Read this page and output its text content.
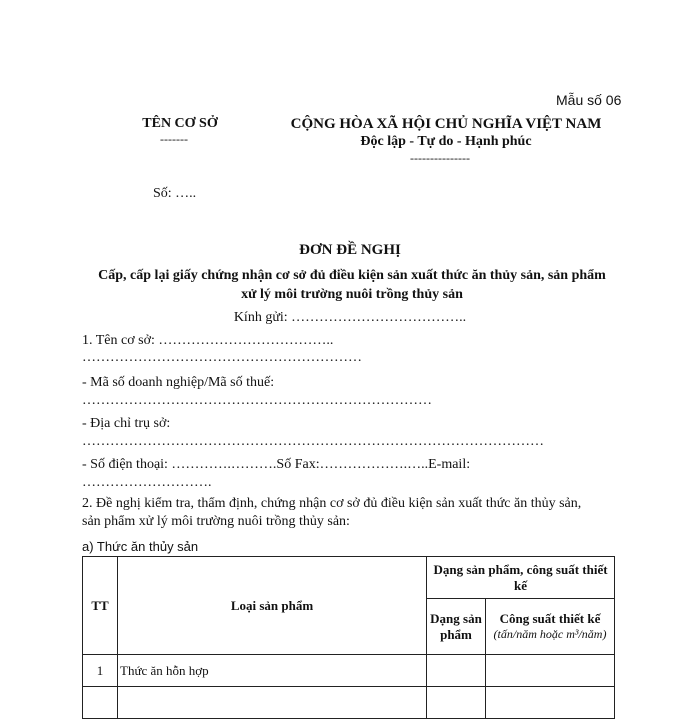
Mẫu số 06
TÊN CƠ SỞ
-------
CỘNG HÒA XÃ HỘI CHỦ NGHĨA VIỆT NAM
Độc lập - Tự do - Hạnh phúc
---------------
Số: …..
ĐƠN ĐỀ NGHỊ
Cấp, cấp lại giấy chứng nhận cơ sở đủ điều kiện sản xuất thức ăn thủy sản, sản phẩm xử lý môi trường nuôi trồng thủy sản
Kính gửi: ………………………………..
1. Tên cơ sở: ………………………………..
……………………………………………………
- Mã số doanh nghiệp/Mã số thuế:
…………………………………………………………………
- Địa chỉ trụ sở:
………………………………………………………………………………………
- Số điện thoại: ………….……….Số Fax:……………….…..E-mail:
……………………….
2. Đề nghị kiểm tra, thẩm định, chứng nhận cơ sở đủ điều kiện sản xuất thức ăn thủy sản,
sản phẩm xử lý môi trường nuôi trồng thủy sản:
a) Thức ăn thủy sản
TT	Loại sản phẩm	Dạng sản phẩm, công suất thiết kế	
		Dạng sản phẩm	Công suất thiết kế
(tấn/năm hoặc m³/năm)

1	Thức ăn hỗn hợp		
